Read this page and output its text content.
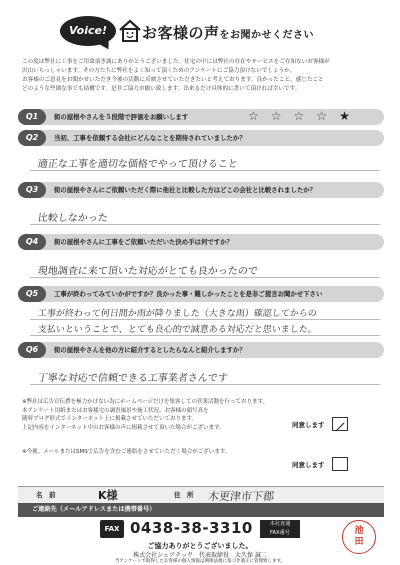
Voice!	お客様の声をお聞かせください
この度は弊社に工事をご用命頂き誠にありがとうございました。住宅の中には弊社の存在やサービスをご存知ないお客様が
沢山いらっしゃいます。その方たちに弊社をよく知って頂くためのアンケートにご協力頂けないでしょうか。
お客様のご意見をお聞かせいただき今後の活動に反映させていただきたいと考えております。良かったこと、感じたこと
どのような些細な事でも結構です。是非ご協力お願い致します。出来るだけ具体的に書いて頂ければ幸いです。
Q1	街の屋根やさんを５段階で評価をお願いします	☆☆☆☆★
Q2	当初、工事を依頼する会社にどんなことを期待されていましたか？
適正な工事を適切な価格でやって頂けること
Q3	街の屋根やさんにご依頼いただく際に他社と比較した方はどこの会社と比較されましたか？
比較しなかった
Q4	街の屋根やさんに工事をご依頼いただいた決め手は何ですか？
現地調査に来て頂いた対応がとても良かったので
Q5	工事が終わってみていかがですか？良かった事・難しかったことを是非ご提言お聞かせ下さい
工事が終わって何日間か雨が降りました（大きな雨）確認してからの
支払いということで、とても良心的で誠意ある対応だと思いました。
Q6	街の屋根やさんを他の方に紹介するとしたらなんと紹介しますか？
丁寧な対応で信頼できる工事業者さんです
※弊社は広告宣伝費を極力かけない為にホームページだけを集客しての営業活動を行っております。
本アンケート用紙またはお客様宅の調査風景や施工状況、お客様の顔写真を
随時ブログ形式でインターネット上に掲載させていただいております。
上記内容をインターネット中のお客様の声に掲載させて頂いた場合がございます。	同意します
※今後、メールまたはSMSで広告を含むご連絡をさせていただく場合がございます。
同意します
名　前	K様	住　所 木更津市下郡
ご連絡先（メールアドレスまたは携帯番号）
FAX 0438-38-3310	本社直通
FAX番号	池
田
ご協力ありがとうございました。
株式会社シェアテック　代表取締役　大久保 誠二
当アンケートで取得したお客様の個人情報は関係法規に基づき適正に管理致します。
